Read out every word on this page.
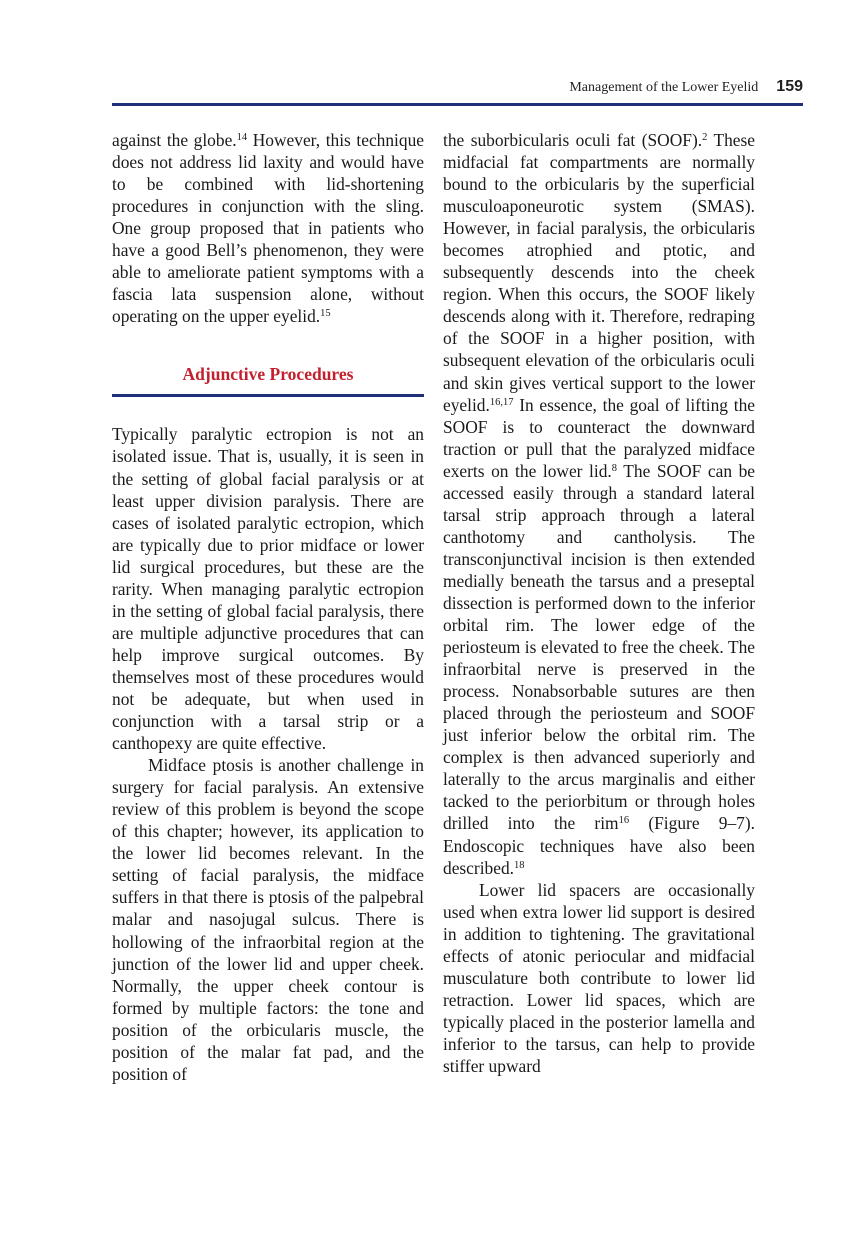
Management of the Lower Eyelid 159

against the globe.$^{14}$ However, this technique does not address lid laxity and would have to be combined with lid-shortening procedures in conjunction with the sling. One group proposed that in patients who have a good Bell’s phenomenon, they were able to ameliorate patient symptoms with a fascia lata suspension alone, without operating on the upper eyelid.$^{15}$

Adjunctive Procedures

Typically paralytic ectropion is not an isolated issue. That is, usually, it is seen in the setting of global facial paralysis or at least upper division paralysis. There are cases of isolated paralytic ectropion, which are typically due to prior midface or lower lid surgical procedures, but these are the rarity. When managing paralytic ectropion in the setting of global facial paralysis, there are multiple adjunctive procedures that can help improve surgical outcomes. By themselves most of these procedures would not be adequate, but when used in conjunction with a tarsal strip or a canthopexy are quite effective.

Midface ptosis is another challenge in surgery for facial paralysis. An extensive review of this problem is beyond the scope of this chapter; however, its application to the lower lid becomes relevant. In the setting of facial paralysis, the midface suffers in that there is ptosis of the palpebral malar and nasojugal sulcus. There is hollowing of the infraorbital region at the junction of the lower lid and upper cheek. Normally, the upper cheek contour is formed by multiple factors: the tone and position of the orbicularis muscle, the position of the malar fat pad, and the position of

the suborbicularis oculi fat (SOOF).$^2$ These midfacial fat compartments are normally bound to the orbicularis by the superficial musculoaponeurotic system (SMAS). However, in facial paralysis, the orbicularis becomes atrophied and ptotic, and subsequently descends into the cheek region. When this occurs, the SOOF likely descends along with it. Therefore, redraping of the SOOF in a higher position, with subsequent elevation of the orbicularis oculi and skin gives vertical support to the lower eyelid.$^{16,17}$ In essence, the goal of lifting the SOOF is to counteract the downward traction or pull that the paralyzed midface exerts on the lower lid.$^8$ The SOOF can be accessed easily through a standard lateral tarsal strip approach through a lateral canthotomy and cantholysis. The transconjunctival incision is then extended medially beneath the tarsus and a preseptal dissection is performed down to the inferior orbital rim. The lower edge of the periosteum is elevated to free the cheek. The infraorbital nerve is preserved in the process. Nonabsorbable sutures are then placed through the periosteum and SOOF just inferior below the orbital rim. The complex is then advanced superiorly and laterally to the arcus marginalis and either tacked to the periorbitum or through holes drilled into the rim$^{16}$ (Figure 9–7). Endoscopic techniques have also been described.$^{18}$

Lower lid spacers are occasionally used when extra lower lid support is desired in addition to tightening. The gravitational effects of atonic periocular and midfacial musculature both contribute to lower lid retraction. Lower lid spaces, which are typically placed in the posterior lamella and inferior to the tarsus, can help to provide stiffer upward
